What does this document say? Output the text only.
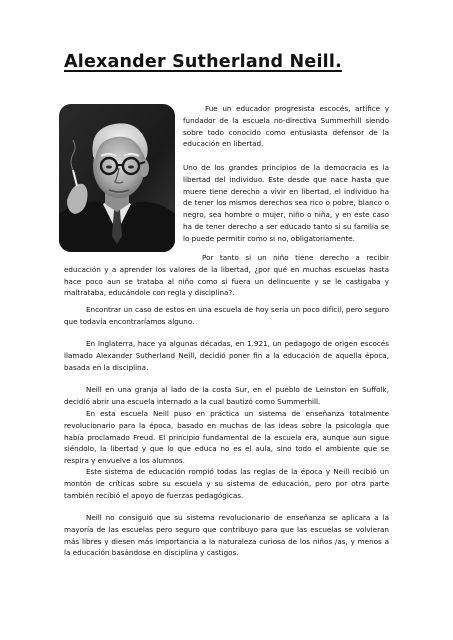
Alexander Sutherland Neill.

Fue un educador progresista escocés, artífice y fundador de la escuela no-directiva Summerhill siendo sobre todo conocido como entusiasta defensor de la educación en libertad.

Uno de los grandes principios de la democracia es la libertad del individuo. Este desde que nace hasta que muere tiene derecho a vivir en libertad, el individuo ha de tener los mismos derechos sea rico o pobre, blanco o negro, sea hombre o mujer, niño o niña, y en este caso ha de tener derecho a ser educado tanto si su familia se lo puede permitir como si no, obligatoriamente.

Por tanto si un niño tiene derecho a recibir educación y a aprender los valores de la libertad, ¿por qué en muchas escuelas hasta hace poco aun se trataba al niño como si fuera un delincuente y se le castigaba y maltrataba, educándole con regla y disciplina?.

Encontrar un caso de estos en una escuela de hoy sería un poco difícil, pero seguro que todavía encontraríamos alguno.

En Inglaterra, hace ya algunas décadas, en 1.921, un pedagogo de origen escocés llamado Alexander Sutherland Neill, decidió poner fin a la educación de aquella época, basada en la disciplina.

Neill en una granja al lado de la costa Sur, en el pueblo de Leinston en Suffolk, decidió abrir una escuela internado a la cual bautizó como Summerhill.

En esta escuela Neill puso en práctica un sistema de enseñanza totalmente revolucionario para la época, basado en muchas de las ideas sobre la psicología que había proclamado Freud. El principio fundamental de la escuela era, aunque aun sigue siéndolo, la libertad y que lo que educa no es el aula, sino todo el ambiente que se respira y envuelve a los alumnos.

Este sistema de educación rompió todas las reglas de la época y Neill recibió un montón de críticas sobre su escuela y su sistema de educación, pero por otra parte también recibió el apoyo de fuerzas pedagógicas.

Neill no consiguió que su sistema revolucionario de enseñanza se aplicara a la mayoría de las escuelas pero seguro que contribuyo para que las escuelas se volvieran más libres y diesen más importancia a la naturaleza curiosa de los niños /as, y menos a la educación basándose en disciplina y castigos.
